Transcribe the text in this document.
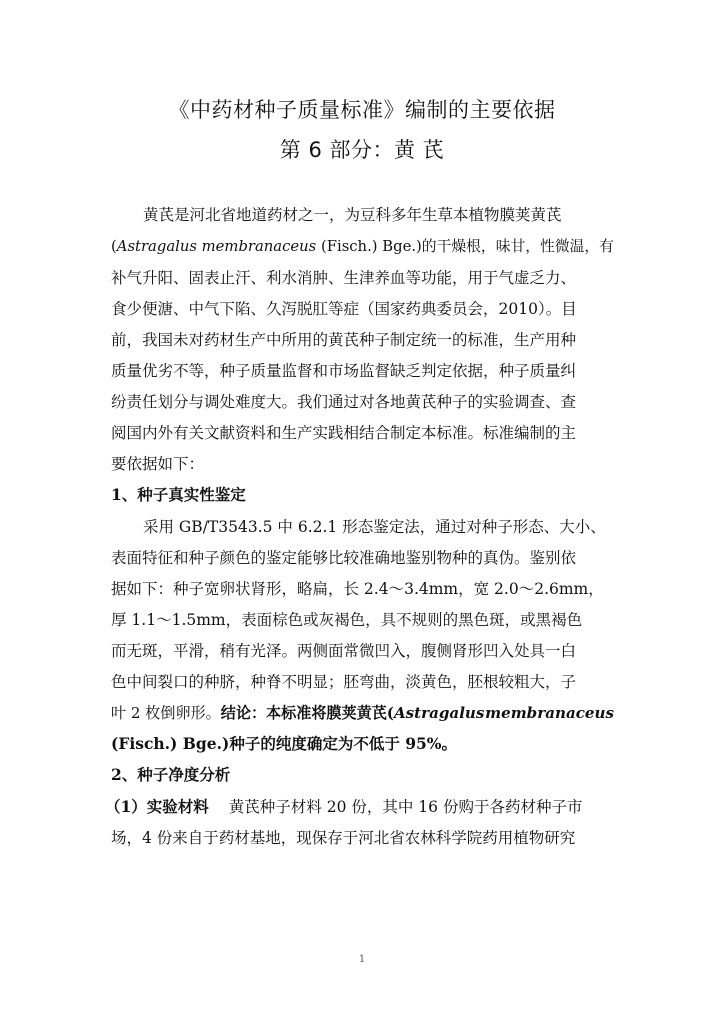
《中药材种子质量标准》编制的主要依据
第 6 部分：黄 芪
黄芪是河北省地道药材之一，为豆科多年生草本植物膜荚黄芪
(Astragalus membranaceus (Fisch.) Bge.)的干燥根，味甘，性微温，有
补气升阳、固表止汗、利水消肿、生津养血等功能，用于气虚乏力、
食少便溏、中气下陷、久泻脱肛等症（国家药典委员会，2010）。目
前，我国未对药材生产中所用的黄芪种子制定统一的标准，生产用种
质量优劣不等，种子质量监督和市场监督缺乏判定依据，种子质量纠
纷责任划分与调处难度大。我们通过对各地黄芪种子的实验调查、查
阅国内外有关文献资料和生产实践相结合制定本标准。标准编制的主
要依据如下：
1、种子真实性鉴定
采用 GB/T3543.5 中 6.2.1 形态鉴定法，通过对种子形态、大小、
表面特征和种子颜色的鉴定能够比较准确地鉴别物种的真伪。鉴别依
据如下：种子宽卵状肾形，略扁，长 2.4～3.4mm，宽 2.0～2.6mm，
厚 1.1～1.5mm，表面棕色或灰褐色，具不规则的黑色斑，或黑褐色
而无斑，平滑，稍有光泽。两侧面常微凹入，腹侧肾形凹入处具一白
色中间裂口的种脐，种脊不明显；胚弯曲，淡黄色，胚根较粗大，子
叶 2 枚倒卵形。结论：本标准将膜荚黄芪(Astragalus membranaceus
(Fisch.) Bge.)种子的纯度确定为不低于 95%。
2、种子净度分析
（1）实验材料 黄芪种子材料 20 份，其中 16 份购于各药材种子市
场，4 份来自于药材基地，现保存于河北省农林科学院药用植物研究
1
